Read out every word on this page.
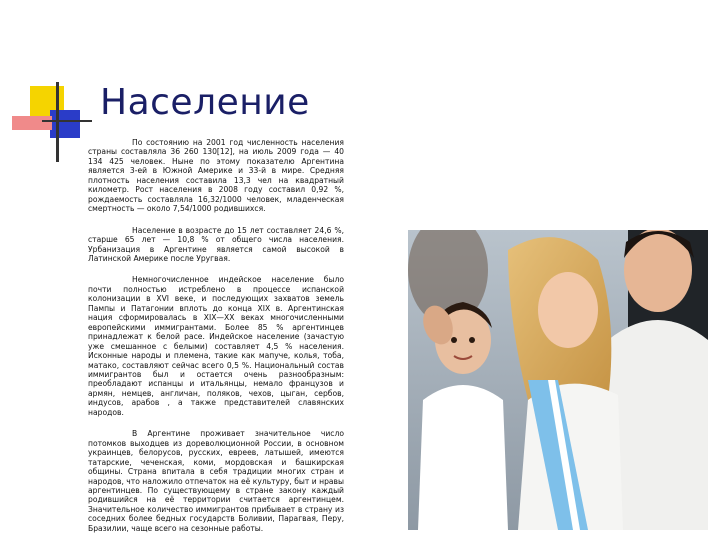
Население

По состоянию на 2001 год численность населения страны составляла 36 260 130[12], на июль 2009 года — 40 134 425 человек. Ныне по этому показателю Аргентина является 3-ей в Южной Америке и 33-й в мире. Средняя плотность населения составила 13,3 чел на квадратный километр. Рост населения в 2008 году составил 0,92 %, рождаемость составляла 16,32/1000 человек, младенческая смертность — около 7,54/1000 родившихся.

Население в возрасте до 15 лет составляет 24,6 %, старше 65 лет — 10,8 % от общего числа населения. Урбанизация в Аргентине является самой высокой в Латинской Америке после Уругвая.

Немногочисленное индейское население было почти полностью истреблено в процессе испанской колонизации в XVI веке, и последующих захватов земель Пампы и Патагонии вплоть до конца XIX в. Аргентинская нация сформировалась в XIX—XX веках многочисленными европейскими иммигрантами. Более 85 % аргентинцев принадлежат к белой расе. Индейское население (зачастую уже смешанное с белыми) составляет 4,5 % населения. Исконные народы и племена, такие как мапуче, колья, тоба, матако, составляют сейчас всего 0,5 %. Национальный состав иммигрантов был и остается очень разнообразным: преобладают испанцы и итальянцы, немало французов и армян, немцев, англичан, поляков, чехов, цыган, сербов, индусов, арабов , а также представителей славянских народов.

В Аргентине проживает значительное число потомков выходцев из дореволюционной России, в основном украинцев, белорусов, русских, евреев, латышей, имеются татарские, чеченская, коми, мордовская и башкирская общины. Страна впитала в себя традиции многих стран и народов, что наложило отпечаток на её культуру, быт и нравы аргентинцев. По существующему в стране закону каждый родившийся на её территории считается аргентинцем. Значительное количество иммигрантов прибывает в страну из соседних более бедных государств Боливии, Парагвая, Перу, Бразилии, чаще всего на сезонные работы.
